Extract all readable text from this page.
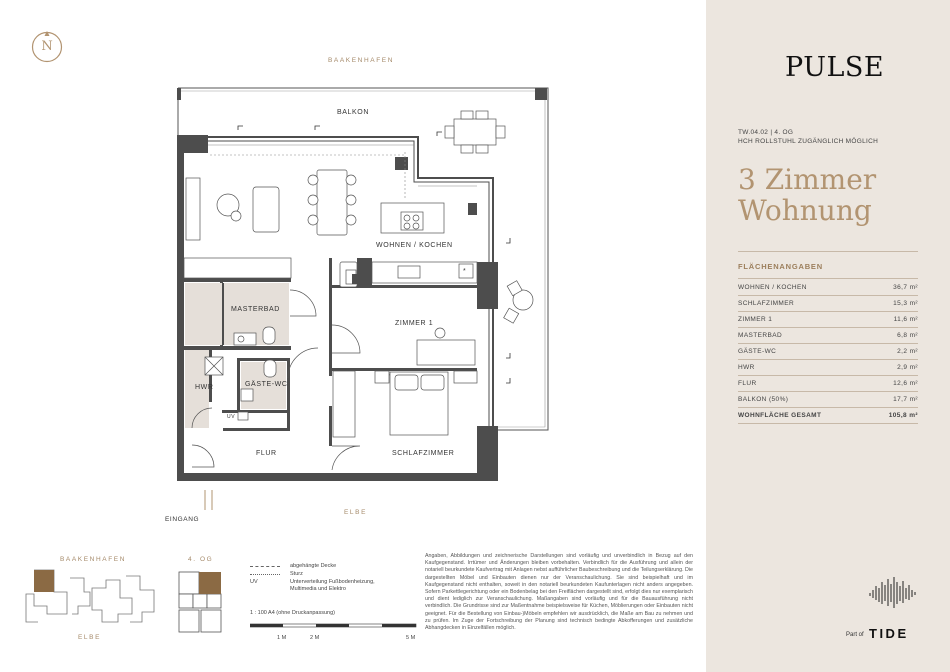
N
BAAKENHAFEN
ELBE
EINGANG
BALKON
WOHNEN / KOCHEN
MASTERBAD
ZIMMER 1
HWR	GÄSTE-WC
FLUR	SCHLAFZIMMER
UV
*
BAAKENHAFEN
ELBE
4. OG
abgehängte Decke
Sturz
UV	Unterverteilung Fußbodenheizung, Multimedia und Elektro
1 : 100 A4 (ohne Druckanpassung)
1 M	2 M	5 M
Angaben, Abbildungen und zeichnerische Darstellungen sind vorläufig und unverbindlich in Bezug auf den Kaufgegenstand. Irrtümer und Änderungen bleiben vorbehalten. Verbindlich für die Ausführung und allein der notariell beurkundete Kaufvertrag mit Anlagen nebst aufführlicher Baubeschreibung und die Teilungserklärung. Die dargestellten Möbel und Einbauten dienen nur der Veranschaulichung. Sie sind beispielhaft und im Kaufgegenstand nicht enthalten, soweit in den notariell beurkundeten Kaufunterlagen nicht anders angegeben. Sofern Parkettlegerichtung oder ein Bodenbelag bei den Freiflächen dargestellt sind, erfolgt dies nur exemplarisch und dient lediglich zur Veranschaulichung. Maßangaben sind vorläufig und für die Bauausführung nicht verbindlich. Die Grundrisse sind zur Maßentnahme beispielsweise für Küchen, Möblierungen oder Einbauten nicht geeignet. Für die Bestellung von Einbau-)Möbeln empfehlen wir ausdrücklich, die Maße am Bau zu nehmen und zu prüfen. Im Zuge der Fortschreibung der Planung sind technisch bedingte Abkofferungen und zusätzliche Abhangdecken in Einzelfällen möglich.
PULSE
TW.04.02 | 4. OG
HCH ROLLSTUHL ZUGÄNGLICH MÖGLICH
3 Zimmer
Wohnung
FLÄCHENANGABEN
WOHNEN / KOCHEN	36,7 m²
SCHLAFZIMMER	15,3 m²
ZIMMER 1	11,6 m²
MASTERBAD	6,8 m²
GÄSTE-WC	2,2 m²
HWR	2,9 m²
FLUR	12,6 m²
BALKON (50%)	17,7 m²
WOHNFLÄCHE GESAMT	105,8 m²
Part of TIDE
